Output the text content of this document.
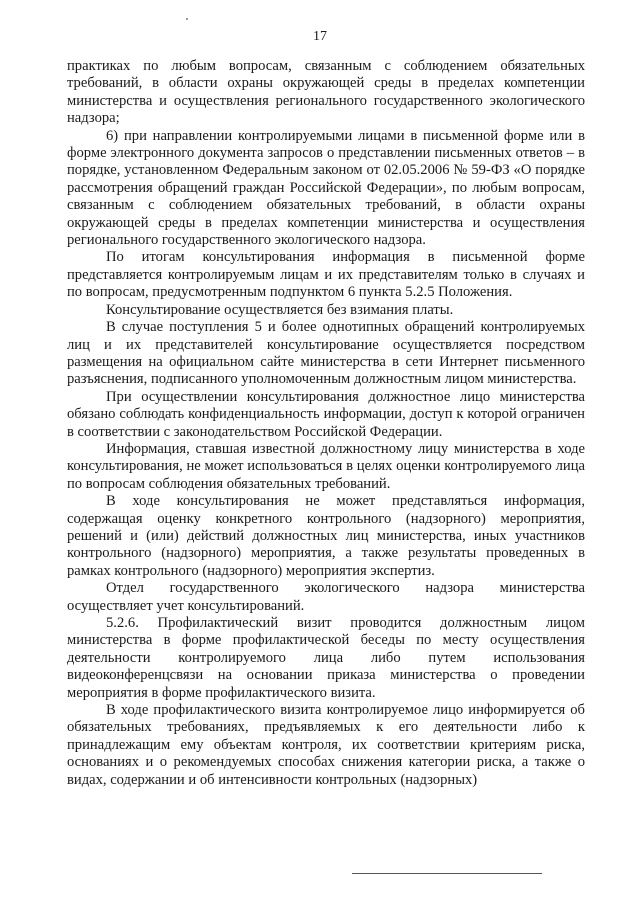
17

практиках по любым вопросам, связанным с соблюдением обязательных требований, в области охраны окружающей среды в пределах компетенции министерства и осуществления регионального государственного экологического надзора;

6) при направлении контролируемыми лицами в письменной форме или в форме электронного документа запросов о представлении письменных ответов – в порядке, установленном Федеральным законом от 02.05.2006 № 59-ФЗ «О порядке рассмотрения обращений граждан Российской Федерации», по любым вопросам, связанным с соблюдением обязательных требований, в области охраны окружающей среды в пределах компетенции министерства и осуществления регионального государственного экологического надзора.

По итогам консультирования информация в письменной форме представляется контролируемым лицам и их представителям только в случаях и по вопросам, предусмотренным подпунктом 6 пункта 5.2.5 Положения.

Консультирование осуществляется без взимания платы.

В случае поступления 5 и более однотипных обращений контролируемых лиц и их представителей консультирование осуществляется посредством размещения на официальном сайте министерства в сети Интернет письменного разъяснения, подписанного уполномоченным должностным лицом министерства.

При осуществлении консультирования должностное лицо министерства обязано соблюдать конфиденциальность информации, доступ к которой ограничен в соответствии с законодательством Российской Федерации.

Информация, ставшая известной должностному лицу министерства в ходе консультирования, не может использоваться в целях оценки контролируемого лица по вопросам соблюдения обязательных требований.

В ходе консультирования не может представляться информация, содержащая оценку конкретного контрольного (надзорного) мероприятия, решений и (или) действий должностных лиц министерства, иных участников контрольного (надзорного) мероприятия, а также результаты проведенных в рамках контрольного (надзорного) мероприятия экспертиз.

Отдел государственного экологического надзора министерства осуществляет учет консультирований.

5.2.6. Профилактический визит проводится должностным лицом министерства в форме профилактической беседы по месту осуществления деятельности контролируемого лица либо путем использования видеоконференцсвязи на основании приказа министерства о проведении мероприятия в форме профилактического визита.

В ходе профилактического визита контролируемое лицо информируется об обязательных требованиях, предъявляемых к его деятельности либо к принадлежащим ему объектам контроля, их соответствии критериям риска, основаниях и о рекомендуемых способах снижения категории риска, а также о видах, содержании и об интенсивности контрольных (надзорных)
